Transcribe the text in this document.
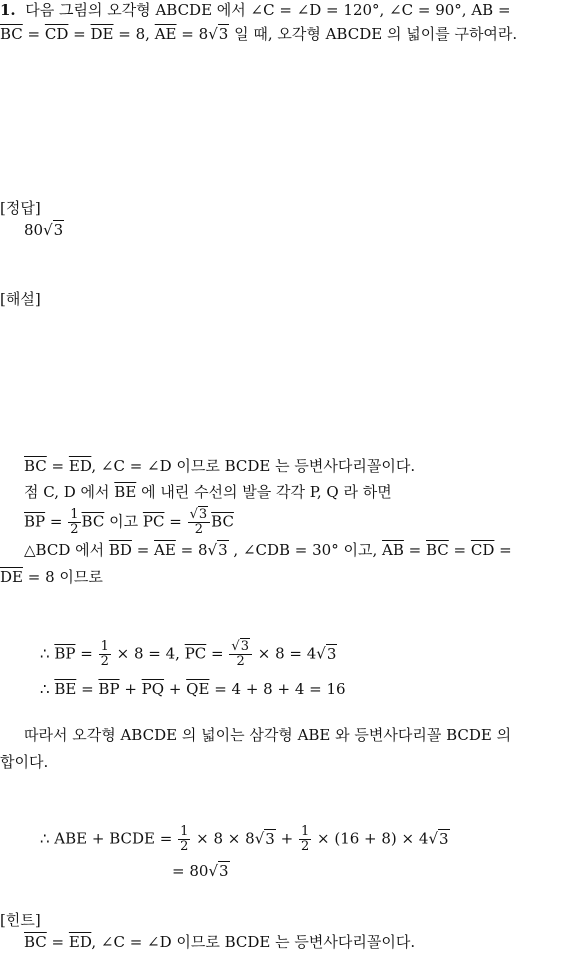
1. 다음 그림의 오각형 ABCDE 에서 ∠C = ∠D = 120°, ∠C = 90°, AB =
$\overline{BC} = \overline{CD} = \overline{DE} = 8$, $\overline{AE} = 8√3$ 일 때, 오각형 ABCDE 의 넓이를 구하여라.
[정답]
80√3
[해설]
$\overline{BC} = \overline{ED}$, ∠C = ∠D 이므로 BCDE 는 등변사다리꼴이다.
점 C, D 에서 $\overline{BE}$ 에 내린 수선의 발을 각각 P, Q 라 하면
$\overline{BP} = \frac{1}{2} \overline{BC}$ 이고 $\overline{PC} = \frac{√3}{2} \overline{BC}$
△BCD 에서 $\overline{BD} = \overline{AE} = 8√3$ , ∠CDB = 30° 이고, $\overline{AB} = \overline{BC} = \overline{CD}$ =
$\overline{DE} = 8$ 이므로
∴ $\overline{BP} = \frac{1}{2} \times 8 = 4$, $\overline{PC} = \frac{√3}{2} \times 8 = 4√3$
∴ $\overline{BE} = \overline{BP} + \overline{PQ} + \overline{QE} = 4 + 8 + 4 = 16$
따라서 오각형 ABCDE 의 넓이는 삼각형 ABE 와 등변사다리꼴 BCDE 의
합이다.
∴ ABE + BCDE = $\frac{1}{2} \times 8 \times 8√3 + \frac{1}{2} \times (16 + 8) \times 4√3$
= 80√3
[힌트]
$\overline{BC} = \overline{ED}$, ∠C = ∠D 이므로 BCDE 는 등변사다리꼴이다.
